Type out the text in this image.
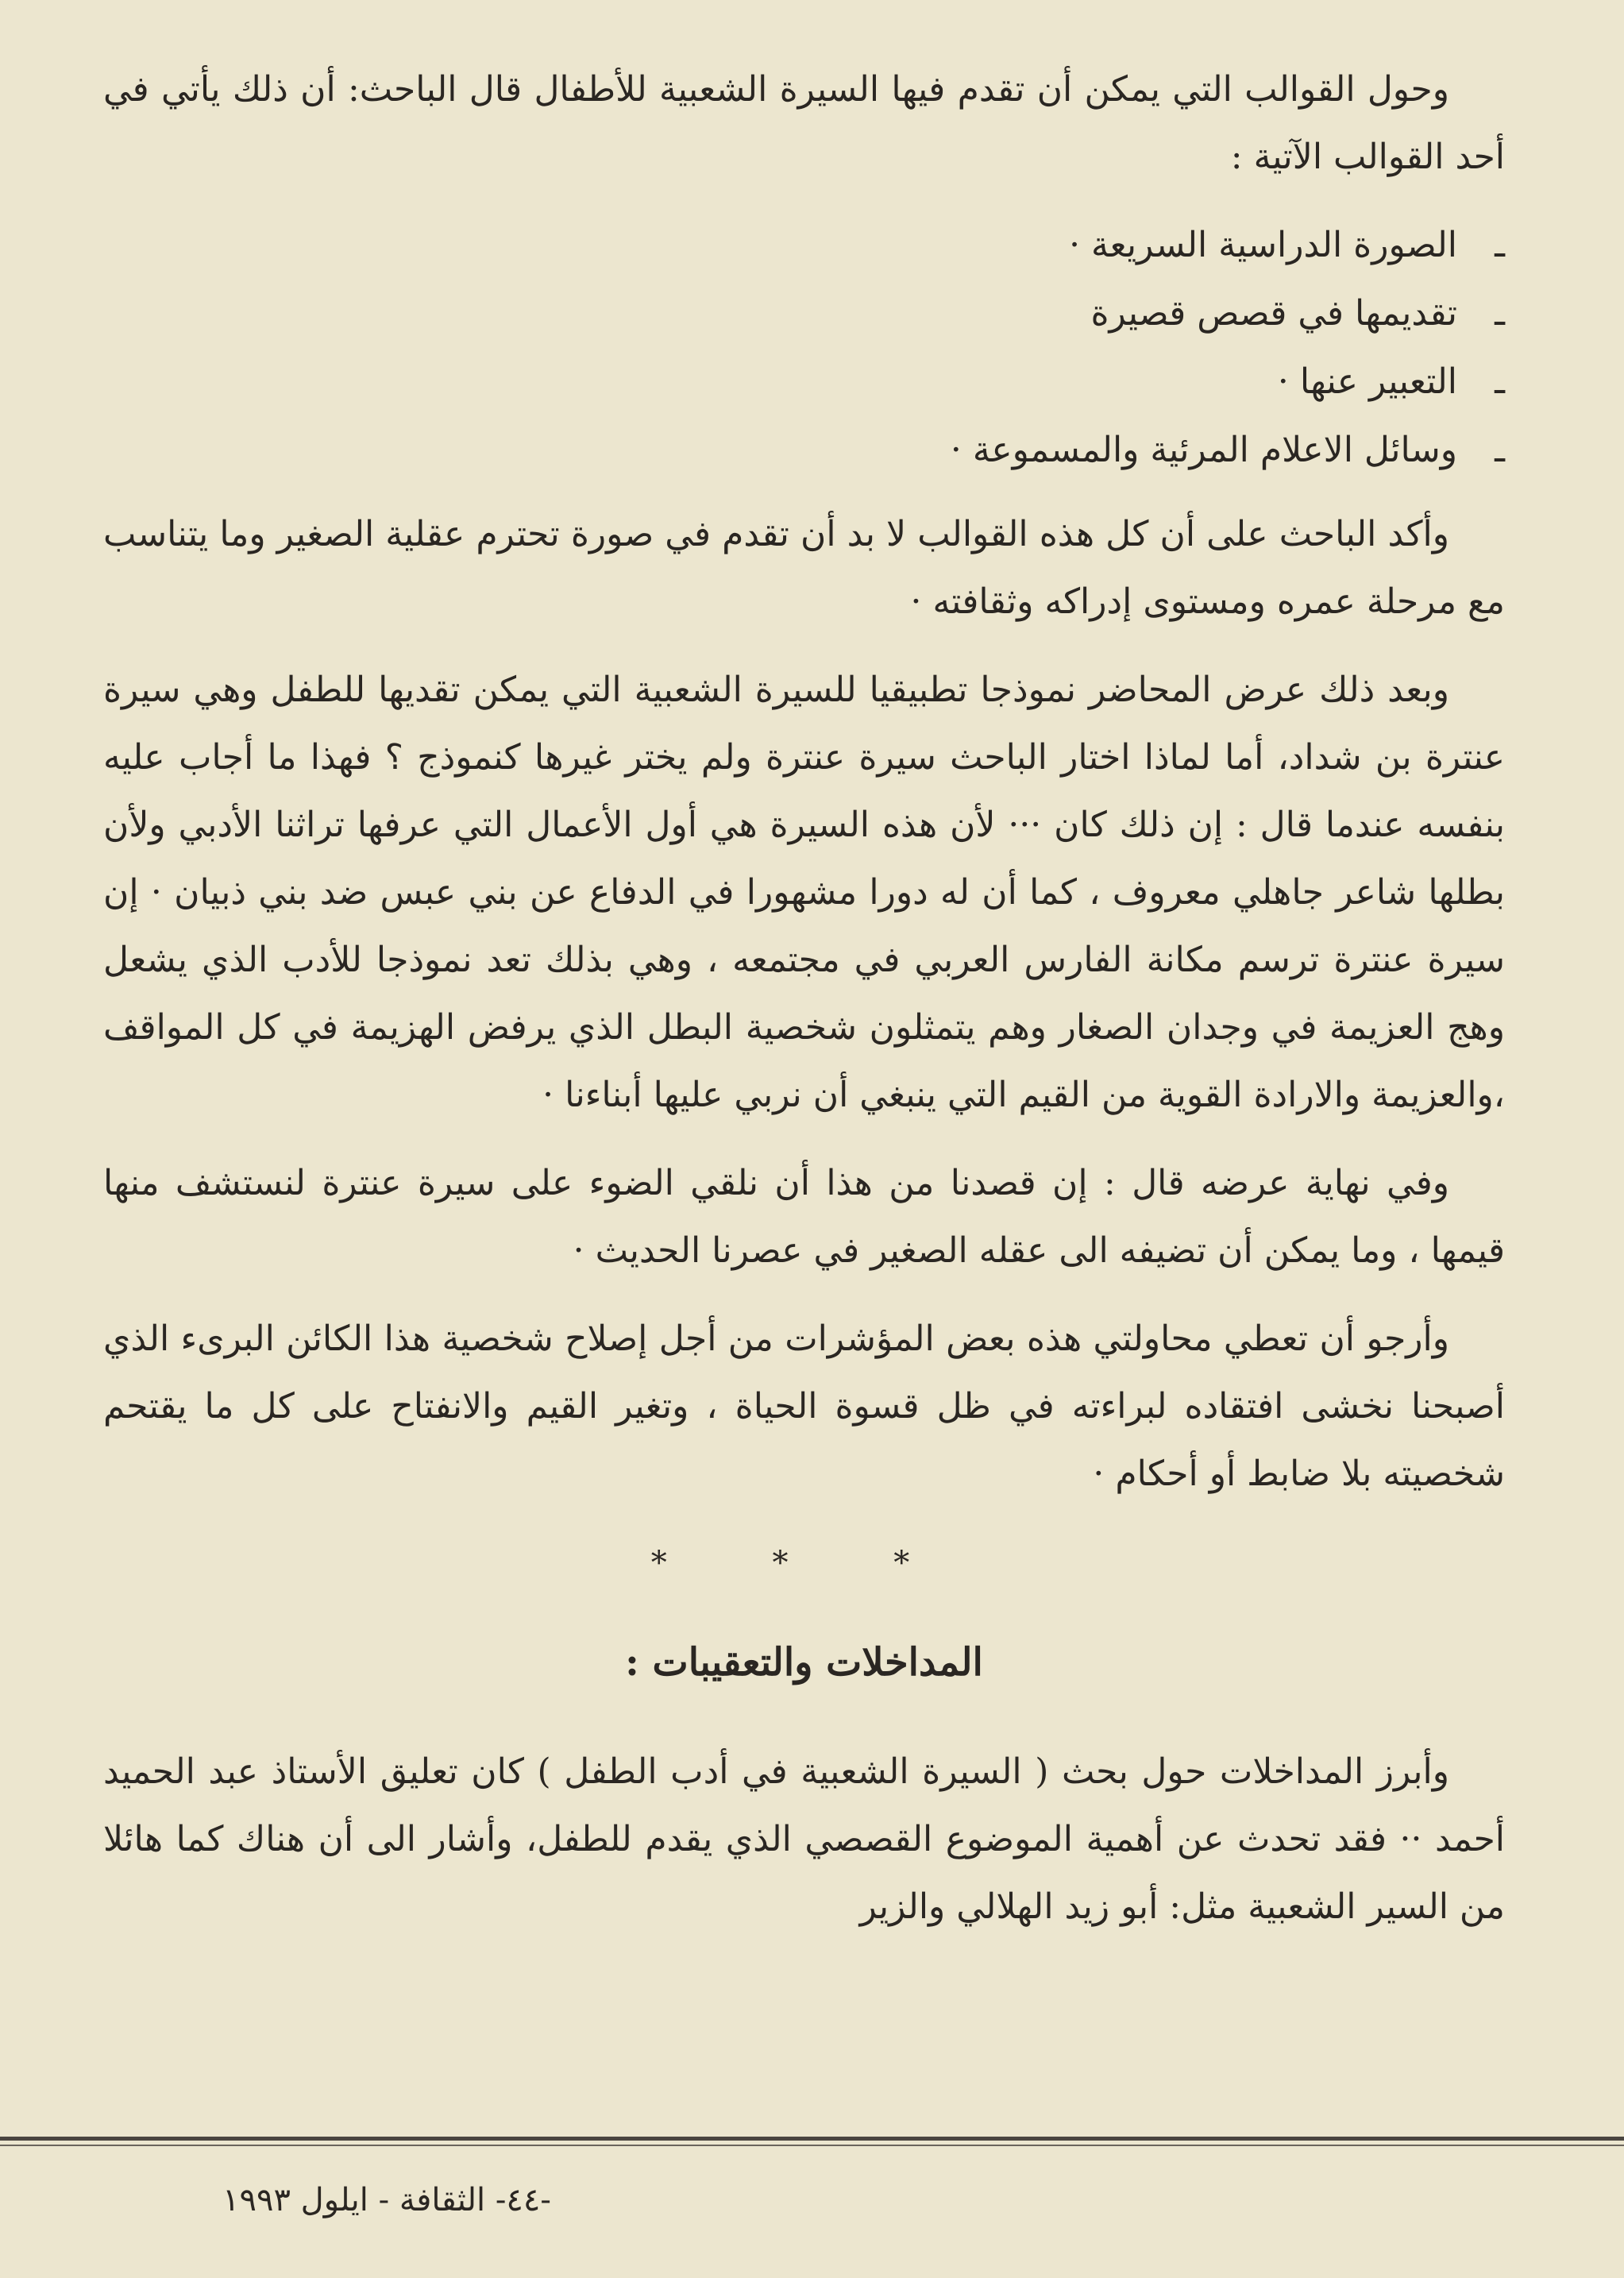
وحول القوالب التي يمكن أن تقدم فيها السيرة الشعبية للأطفال قال الباحث: أن ذلك يأتي في أحد القوالب الآتية :

ـالصورة الدراسية السريعة ·
ـتقديمها في قصص قصيرة
ـالتعبير عنها ·
ـوسائل الاعلام المرئية والمسموعة ·

وأكد الباحث على أن كل هذه القوالب لا بد أن تقدم في صورة تحترم عقلية الصغير وما يتناسب مع مرحلة عمره ومستوى إدراكه وثقافته ·

وبعد ذلك عرض المحاضر نموذجا تطبيقيا للسيرة الشعبية التي يمكن تقديها للطفل وهي سيرة عنترة بن شداد، أما لماذا اختار الباحث سيرة عنترة ولم يختر غيرها كنموذج ؟ فهذا ما أجاب عليه بنفسه عندما قال : إن ذلك كان ··· لأن هذه السيرة هي أول الأعمال التي عرفها تراثنا الأدبي ولأن بطلها شاعر جاهلي معروف ، كما أن له دورا مشهورا في الدفاع عن بني عبس ضد بني ذبيان · إن سيرة عنترة ترسم مكانة الفارس العربي في مجتمعه ، وهي بذلك تعد نموذجا للأدب الذي يشعل وهج العزيمة في وجدان الصغار وهم يتمثلون شخصية البطل الذي يرفض الهزيمة في كل المواقف ،والعزيمة والارادة القوية من القيم التي ينبغي أن نربي عليها أبناءنا ·

وفي نهاية عرضه قال : إن قصدنا من هذا أن نلقي الضوء على سيرة عنترة لنستشف منها قيمها ، وما يمكن أن تضيفه الى عقله الصغير في عصرنا الحديث ·

وأرجو أن تعطي محاولتي هذه بعض المؤشرات من أجل إصلاح شخصية هذا الكائن البرىء الذي أصبحنا نخشى افتقاده لبراءته في ظل قسوة الحياة ، وتغير القيم والانفتاح على كل ما يقتحم شخصيته بلا ضابط أو أحكام ·

* * *
المداخلات والتعقيبات :

وأبرز المداخلات حول بحث ( السيرة الشعبية في أدب الطفل ) كان تعليق الأستاذ عبد الحميد أحمد ·· فقد تحدث عن أهمية الموضوع القصصي الذي يقدم للطفل، وأشار الى أن هناك كما هائلا من السير الشعبية مثل: أبو زيد الهلالي والزير

-٤٤- الثقافة - ايلول ١٩٩٣
